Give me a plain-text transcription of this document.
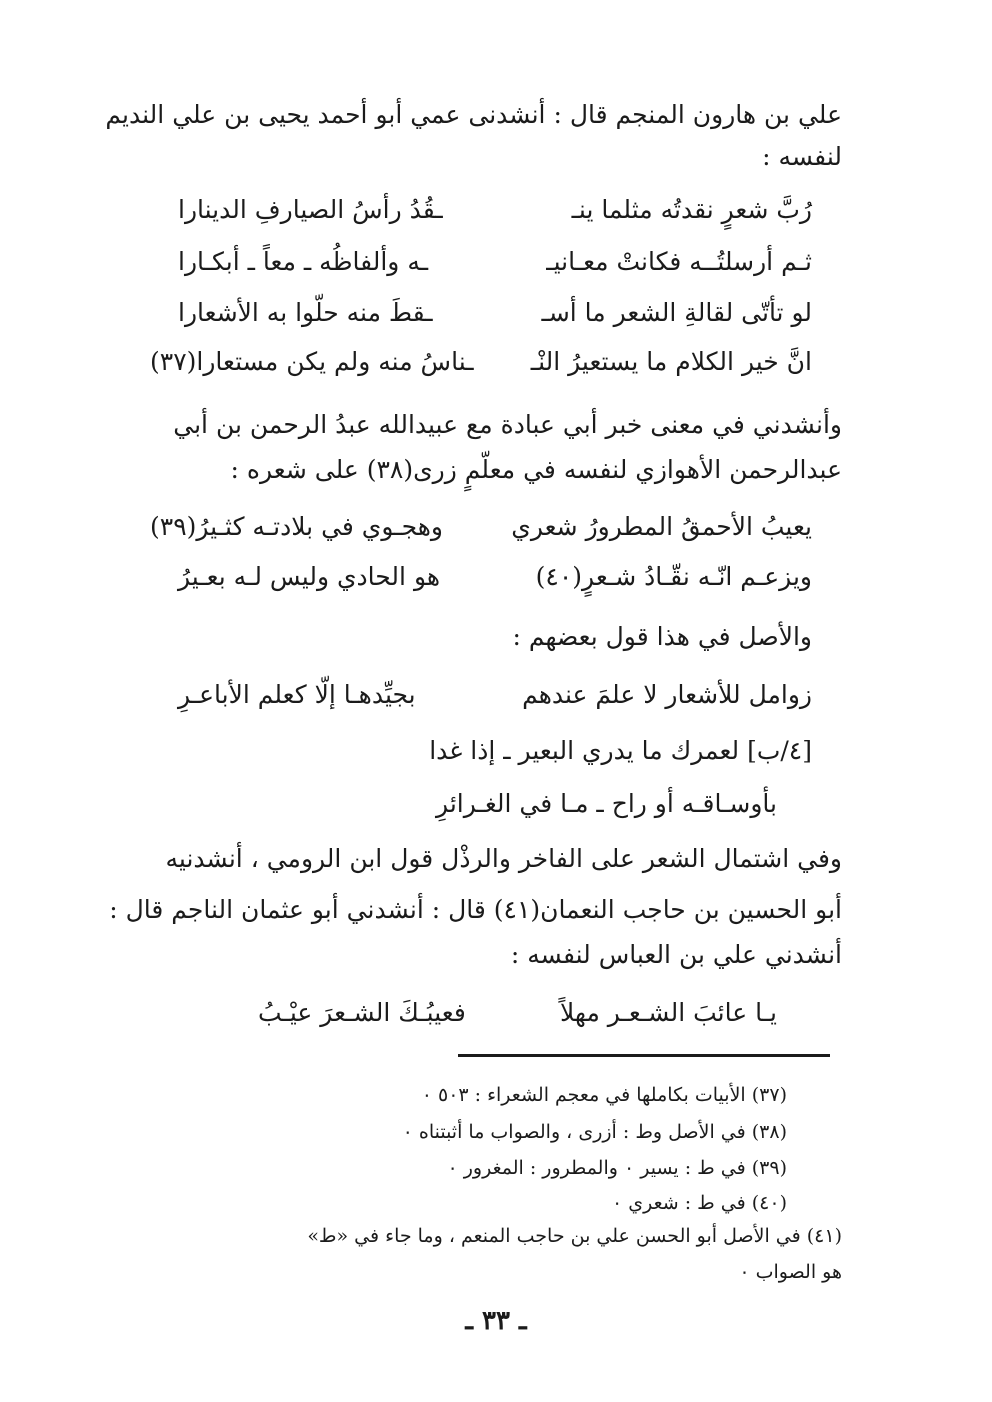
علي بن هارون المنجم قال : أنشدنى عمي أبو أحمد يحيى بن علي النديم
لنفسه :
رُبَّ شعرٍ نقدتُه مثلما ينـ
ـقُدُ رأسُ الصيارفِ الدينارا
ثـم أرسلتُــه فكانتْ معـانيـ
ـه وألفاظُه ـ معاً ـ أبكـارا
لو تأتّى لقالةِ الشعر ما أسـ
ـقطَ منه حلّوا به الأشعارا
انَّ خير الكلام ما يستعيرُ النْـ
ـناسُ منه ولم يكن مستعارا(٣٧)
وأنشدني في معنى خبر أبي عبادة مع عبيدالله عبدُ الرحمن بن أبي
عبدالرحمن الأهوازي لنفسه في معلّمٍ زرى(٣٨) على شعره :
يعيبُ الأحمقُ المطرورُ شعري
وهجـوي في بلادتـه كثـيرُ(٣٩)
ويزعـم انّـه نقّـادُ شـعرٍ(٤٠)
هو الحادي وليس لـه بعـيرُ
والأصل في هذا قول بعضهم :
زوامل للأشعار لا علمَ عندهم
بجيِّدهـا إلّا كعلم الأباعـرِ
[٤/ب] لعمرك ما يدري البعير ـ إذا غدا
بأوسـاقـه أو راح ـ مـا في الغـرائرِ
وفي اشتمال الشعر على الفاخر والرذْل قول ابن الرومي ، أنشدنيه
أبو الحسين بن حاجب النعمان(٤١) قال : أنشدني أبو عثمان الناجم قال :
أنشدني علي بن العباس لنفسه :
يـا عائبَ الشـعـر مهلاً
فعيبُـكَ الشـعرَ عيْـبُ
(٣٧) الأبيات بكاملها في معجم الشعراء : ٥٠٣ ٠
(٣٨) في الأصل وط : أزرى ، والصواب ما أثبتناه ٠
(٣٩) في ط : يسير ٠ والمطرور : المغرور ٠
(٤٠) في ط : شعري ٠
(٤١) في الأصل أبو الحسن علي بن حاجب المنعم ، وما جاء في «ط»
هو الصواب ٠
ـ ٣٣ ـ
